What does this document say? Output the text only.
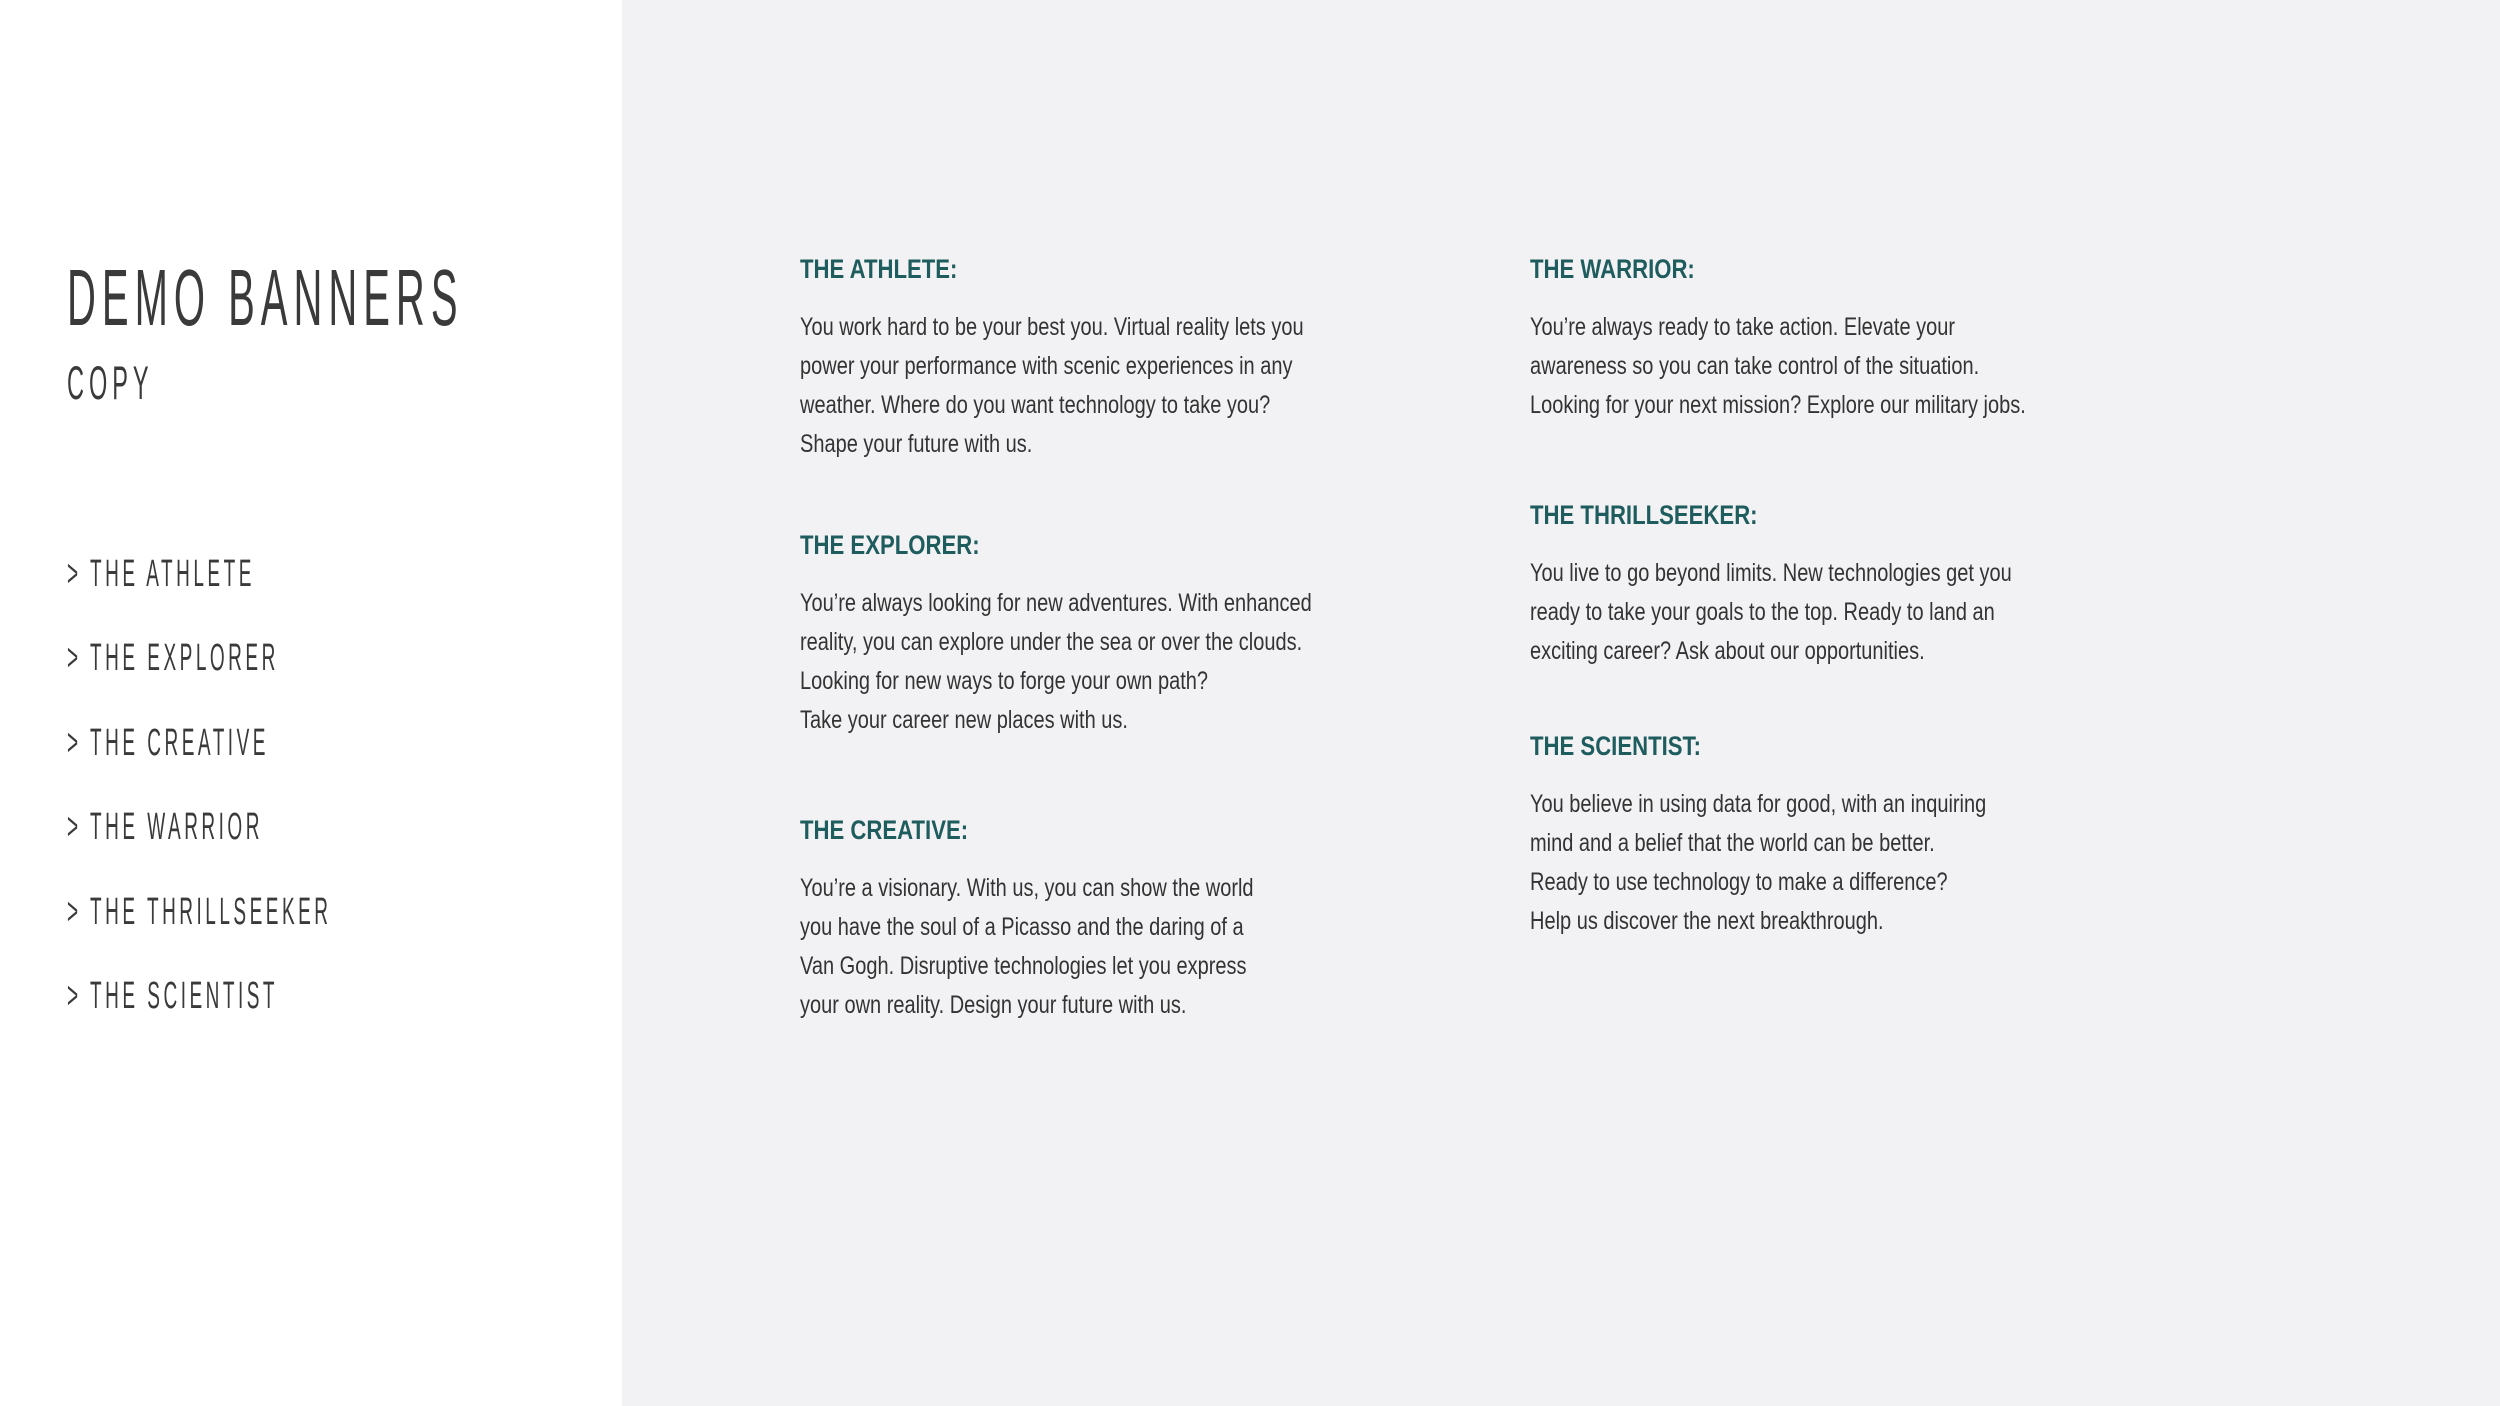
DEMO BANNERS
COPY
> THE ATHLETE
> THE EXPLORER
> THE CREATIVE
> THE WARRIOR
> THE THRILLSEEKER
> THE SCIENTIST
THE ATHLETE:
You work hard to be your best you. Virtual reality lets you
power your performance with scenic experiences in any
weather. Where do you want technology to take you?
Shape your future with us.
THE EXPLORER:
You’re always looking for new adventures. With enhanced
reality, you can explore under the sea or over the clouds.
Looking for new ways to forge your own path?
Take your career new places with us.
THE CREATIVE:
You’re a visionary. With us, you can show the world
you have the soul of a Picasso and the daring of a
Van Gogh. Disruptive technologies let you express
your own reality. Design your future with us.
THE WARRIOR:
You’re always ready to take action. Elevate your
awareness so you can take control of the situation.
Looking for your next mission? Explore our military jobs.
THE THRILLSEEKER:
You live to go beyond limits. New technologies get you
ready to take your goals to the top. Ready to land an
exciting career? Ask about our opportunities.
THE SCIENTIST:
You believe in using data for good, with an inquiring
mind and a belief that the world can be better.
Ready to use technology to make a difference?
Help us discover the next breakthrough.
